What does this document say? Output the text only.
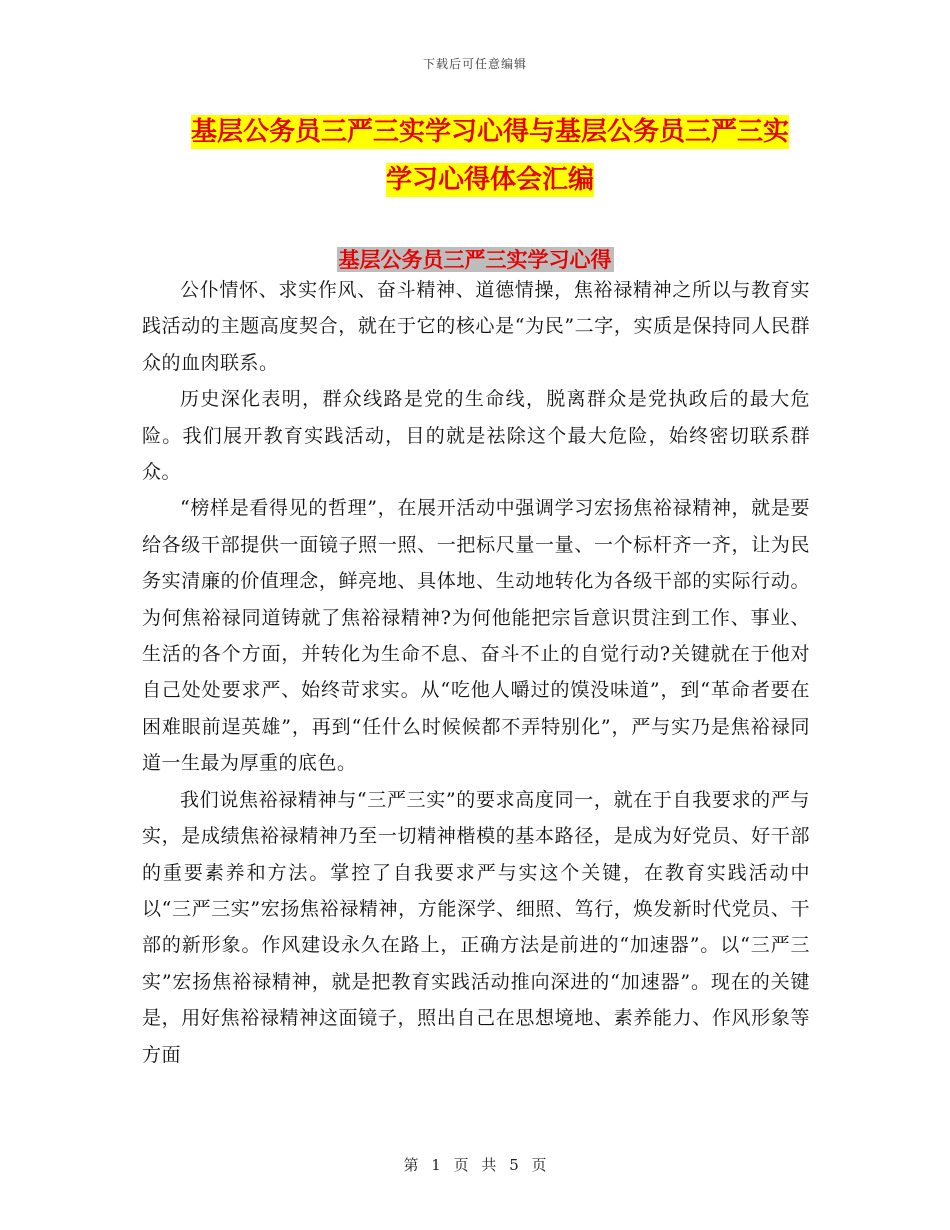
下载后可任意编辑
基层公务员三严三实学习心得与基层公务员三严三实
学习心得体会汇编
基层公务员三严三实学习心得

公仆情怀、求实作风、奋斗精神、道德情操，焦裕禄精神之所以与教育实践活动的主题高度契合，就在于它的核心是“为民”二字，实质是保持同人民群众的血肉联系。

历史深化表明，群众线路是党的生命线，脱离群众是党执政后的最大危险。我们展开教育实践活动，目的就是祛除这个最大危险，始终密切联系群众。

“榜样是看得见的哲理”，在展开活动中强调学习宏扬焦裕禄精神，就是要给各级干部提供一面镜子照一照、一把标尺量一量、一个标杆齐一齐，让为民务实清廉的价值理念，鲜亮地、具体地、生动地转化为各级干部的实际行动。为何焦裕禄同道铸就了焦裕禄精神?为何他能把宗旨意识贯注到工作、事业、生活的各个方面，并转化为生命不息、奋斗不止的自觉行动?关键就在于他对自己处处要求严、始终苛求实。从“吃他人嚼过的馍没味道”，到“革命者要在困难眼前逞英雄”，再到“任什么时候候都不弄特别化”，严与实乃是焦裕禄同道一生最为厚重的底色。

我们说焦裕禄精神与“三严三实”的要求高度同一，就在于自我要求的严与实，是成绩焦裕禄精神乃至一切精神楷模的基本路径，是成为好党员、好干部的重要素养和方法。掌控了自我要求严与实这个关键，在教育实践活动中以“三严三实”宏扬焦裕禄精神，方能深学、细照、笃行，焕发新时代党员、干部的新形象。作风建设永久在路上，正确方法是前进的“加速器”。以“三严三实”宏扬焦裕禄精神，就是把教育实践活动推向深进的“加速器”。现在的关键是，用好焦裕禄精神这面镜子，照出自己在思想境地、素养能力、作风形象等方面

第 1 页 共 5 页
